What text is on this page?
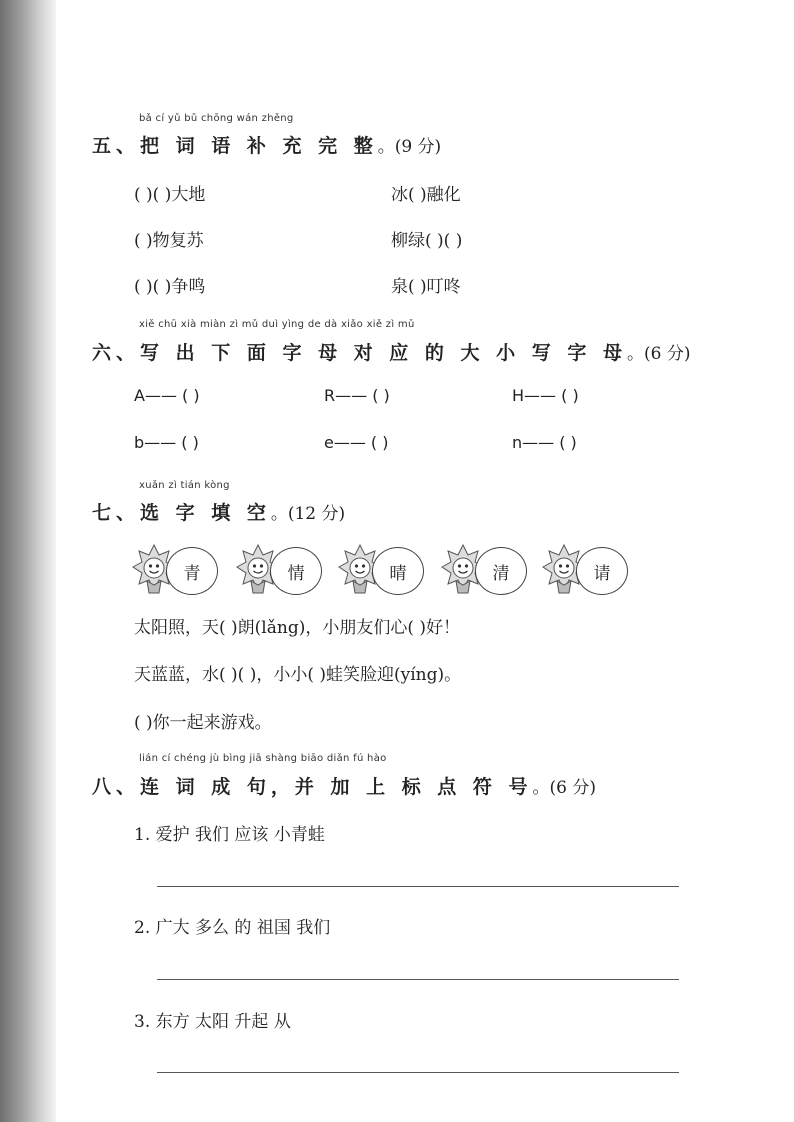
bǎ cí yǔ bǔ chōng wán zhěng
五、把 词 语 补 充 完 整。(9 分)
( )( )大地	冰( )融化
( )物复苏	柳绿( )( )
( )( )争鸣	泉( )叮咚
xiě chū xià miàn zì mǔ duì yìng de dà xiǎo xiě zì mǔ
六、写 出 下 面 字 母 对 应 的 大 小 写 字 母。(6 分)
A—— ( )	R—— ( )	H—— ( )
b—— ( )	e—— ( )	n—— ( )
xuǎn zì tián kòng
七、选 字 填 空。(12 分)
青	情	晴	清	请
太阳照，天( )朗(lǎng)，小朋友们心( )好！
天蓝蓝，水( )( )，小小( )蛙笑脸迎(yíng)。
( )你一起来游戏。
lián cí chéng jù bìng jiā shàng biāo diǎn fú hào
八、连 词 成 句，并 加 上 标 点 符 号。(6 分)
1. 爱护 我们 应该 小青蛙
2. 广大 多么 的 祖国 我们
3. 东方 太阳 升起 从
